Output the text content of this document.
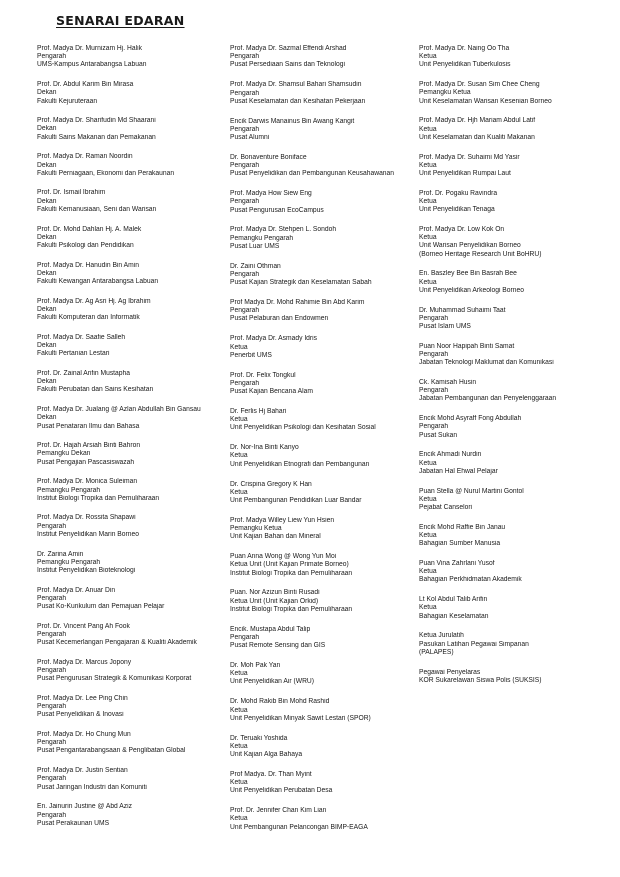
SENARAI EDARAN
Prof. Madya Dr. Murnizam Hj. Halik
Pengarah
UMS-Kampus Antarabangsa Labuan
Prof. Dr. Abdul Karim Bin Mirasa
Dekan
Fakulti Kejuruteraan
Prof. Madya Dr. Sharifudin Md Shaarani
Dekan
Fakulti Sains Makanan dan Pemakanan
Prof. Madya Dr. Raman Noordin
Dekan
Fakulti Perniagaan, Ekonomi dan Perakaunan
Prof. Dr. Ismail Ibrahim
Dekan
Fakulti Kemanusiaan, Seni dan Warisan
Prof. Dr. Mohd Dahlan Hj. A. Malek
Dekan
Fakulti Psikologi dan Pendidikan
Prof. Madya Dr. Hanudin Bin Amin
Dekan
Fakulti Kewangan Antarabangsa Labuan
Prof. Madya Dr. Ag Asri Hj. Ag Ibrahim
Dekan
Fakulti Komputeran dan Informatik
Prof. Madya Dr. Saafie Salleh
Dekan
Fakulti Pertanian Lestari
Prof. Dr. Zainal Arifin Mustapha
Dekan
Fakulti Perubatan dan Sains Kesihatan
Prof. Madya Dr. Jualang @ Azlan Abdullah Bin Gansau
Dekan
Pusat Penataran Ilmu dan Bahasa
Prof. Dr. Hajah Arsiah Binti Bahron
Pemangku Dekan
Pusat Pengajian Pascasiswazah
Prof. Madya Dr. Monica Suleiman
Pemangku Pengarah
Institut Biologi Tropika dan Pemuliharaan
Prof. Madya Dr. Rossita Shapawi
Pengarah
Institut Penyelidikan Marin Borneo
Dr. Zarina Amin
Pemangku Pengarah
Institut Penyelidikan Bioteknologi
Prof. Madya Dr. Anuar Din
Pengarah
Pusat Ko-Kurikulum dan Pemajuan Pelajar
Prof. Dr. Vincent Pang Ah Fook
Pengarah
Pusat Kecemerlangan Pengajaran & Kualiti Akademik
Prof. Madya Dr. Marcus Jopony
Pengarah
Pusat Pengurusan Strategik & Komunikasi Korporat
Prof. Madya Dr. Lee Ping Chin
Pengarah
Pusat Penyelidikan & Inovasi
Prof. Madya Dr. Ho Chung Mun
Pengarah
Pusat Pengantarabangsaan & Penglibatan Global
Prof. Madya Dr. Justin Sentian
Pengarah
Pusat Jaringan Industri dan Komuniti
En. Jainurin Justine @ Abd Aziz
Pengarah
Pusat Perakaunan UMS
Prof. Madya Dr. Sazmal Effendi Arshad
Pengarah
Pusat Persediaan Sains dan Teknologi
Prof. Madya Dr. Shamsul Bahari Shamsudin
Pengarah
Pusat Keselamatan dan Kesihatan Pekerjaan
Encik Darwis Manainus Bin Awang Kangit
Pengarah
Pusat Alumni
Dr. Bonaventure Boniface
Pengarah
Pusat Penyelidikan dan Pembangunan Keusahawanan
Prof. Madya How Siew Eng
Pengarah
Pusat Pengurusan EcoCampus
Prof. Madya Dr. Stehpen L. Sondoh
Pemangku Pengarah
Pusat Luar UMS
Dr. Zaini Othman
Pengarah
Pusat Kajian Strategik dan Keselamatan Sabah
Prof Madya Dr. Mohd Rahimie Bin Abd Karim
Pengarah
Pusat Pelaburan dan Endowmen
Prof. Madya Dr. Asmady Idris
Ketua
Penerbit UMS
Prof. Dr. Felix Tongkul
Pengarah
Pusat Kajian Bencana Alam
Dr. Ferlis Hj Bahari
Ketua
Unit Penyelidikan Psikologi dan Kesihatan Sosial
Dr. Nor-Ina Binti Kanyo
Ketua
Unit Penyelidikan Etnografi dan Pembangunan
Dr. Crispina Gregory K Han
Ketua
Unit Pembangunan Pendidikan Luar Bandar
Prof. Madya Willey Liew Yun Hsien
Pemangku Ketua
Unit Kajian Bahan dan Mineral
Puan Anna Wong @ Wong Yun Moi
Ketua Unit (Unit Kajian Primate Borneo)
Institut Biologi Tropika dan Pemuliharaan
Puan. Nor Azizun Binti Rusadi
Ketua Unit (Unit Kajian Orkid)
Institut Biologi Tropika dan Pemuliharaan
Encik. Mustapa Abdul Talip
Pengarah
Pusat Remote Sensing dan GIS
Dr. Moh Pak Yan
Ketua
Unit Penyelidikan Air (WRU)
Dr. Mohd Rakib Bin Mohd Rashid
Ketua
Unit Penyelidikan Minyak Sawit Lestari (SPOR)
Dr. Teruaki Yoshida
Ketua
Unit Kajian Alga Bahaya
Prof Madya. Dr. Than Myint
Ketua
Unit Penyelidikan Perubatan Desa
Prof. Dr. Jennifer Chan Kim Lian
Ketua
Unit Pembangunan Pelancongan BIMP-EAGA
Prof. Madya Dr. Naing Oo Tha
Ketua
Unit Penyelidikan Tuberkulosis
Prof. Madya Dr. Susan Sim Chee Cheng
Pemangku Ketua
Unit Keselamatan Warisan Kesenian Borneo
Prof. Madya Dr. Hjh Mariam Abdul Latif
Ketua
Unit Keselamatan dan Kualiti Makanan
Prof. Madya Dr. Suhaimi Md Yasir
Ketua
Unit Penyelidikan Rumpai Laut
Prof. Dr. Pogaku Ravindra
Ketua
Unit Penyelidikan Tenaga
Prof. Madya Dr. Low Kok On
Ketua
Unit Warisan Penyelidikan Borneo
(Borneo Heritage Research Unit BoHRU)
En. Baszley Bee Bin Basrah Bee
Ketua
Unit Penyelidikan Arkeologi Borneo
Dr. Muhammad Suhaimi Taat
Pengarah
Pusat Islam UMS
Puan Noor Hapipah Binti Samat
Pengarah
Jabatan Teknologi Maklumat dan Komunikasi
Ck. Kamisah Husin
Pengarah
Jabatan Pembangunan dan Penyelenggaraan
Encik Mohd Asyraff Fong Abdullah
Pengarah
Pusat Sukan
Encik Ahmadi Nurdin
Ketua
Jabatan Hal Ehwal Pelajar
Puan Stella @ Nurul Martini Gontol
Ketua
Pejabat Canselori
Encik Mohd Raffie Bin Janau
Ketua
Bahagian Sumber Manusia
Puan Vina Zahrlani Yusof
Ketua
Bahagian Perkhidmatan Akademik
Lt Kol Abdul Talib Arifin
Ketua
Bahagian Keselamatan
Ketua Jurulatih
Pasukan Latihan Pegawai Simpanan
(PALAPES)
Pegawai Penyelaras
KOR Sukarelawan Siswa Polis (SUKSIS)
